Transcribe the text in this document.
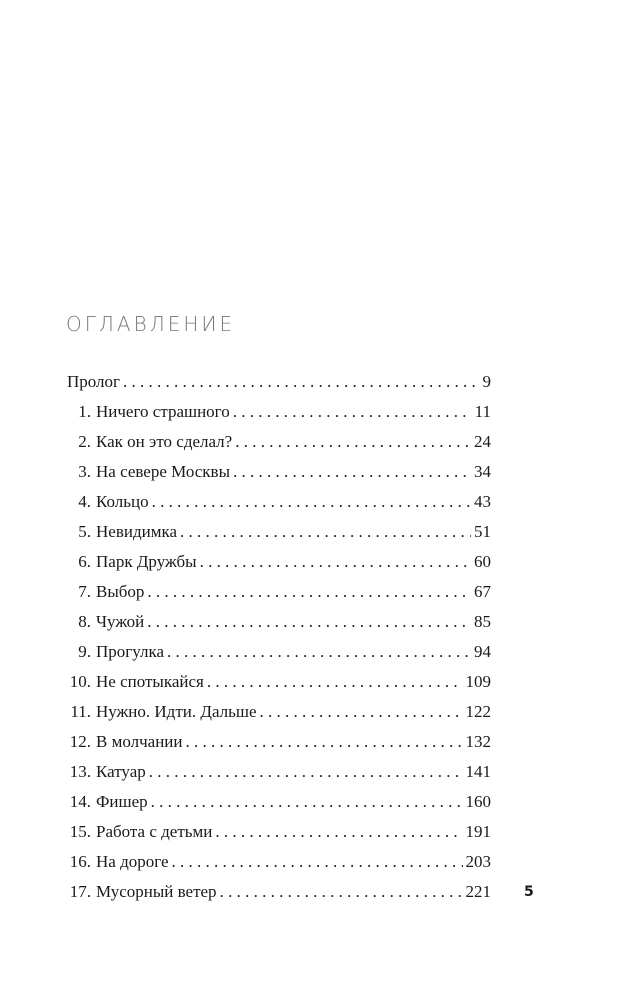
ОГЛАВЛЕНИЕ
Пролог . . .	9
1. Ничего страшного . . .	11
2. Как он это сделал? . . .	24
3. На севере Москвы . . .	34
4. Кольцо . . .	43
5. Невидимка . . .	51
6. Парк Дружбы . . .	60
7. Выбор . . .	67
8. Чужой . . .	85
9. Прогулка . . .	94
10. Не спотыкайся . . .	109
11. Нужно. Идти. Дальше . . .	122
12. В молчании . . .	132
13. Катуар . . .	141
14. Фишер . . .	160
15. Работа с детьми . . .	191
16. На дороге . . .	203
17. Мусорный ветер . . .	221 5
